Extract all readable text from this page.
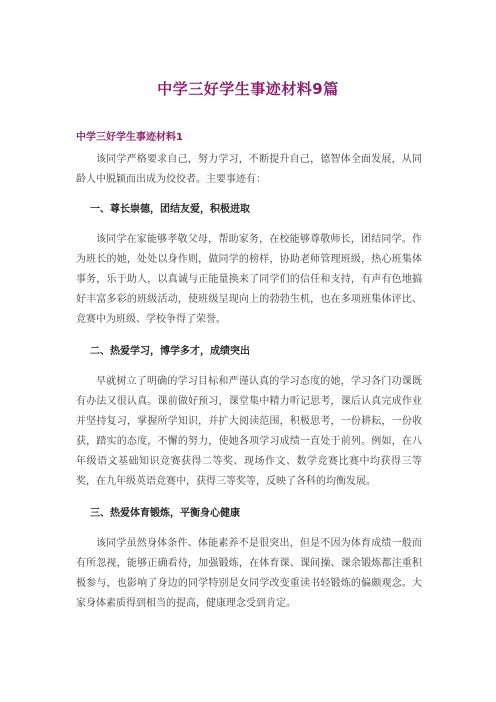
中学三好学生事迹材料9篇
中学三好学生事迹材料1

该同学严格要求自己，努力学习，不断提升自己，德智体全面发展，从同龄人中脱颖而出成为佼佼者。主要事迹有：

一、尊长崇德，团结友爱，积极进取

该同学在家能够孝敬父母，帮助家务，在校能够尊敬师长，团结同学。作为班长的她，处处以身作则，做同学的榜样，协助老师管理班级，热心班集体事务，乐于助人，以真诚与正能量换来了同学们的信任和支持，有声有色地搞好丰富多彩的班级活动，使班级呈现向上的勃勃生机，也在多项班集体评比、竞赛中为班级、学校争得了荣誉。

二、热爱学习，博学多才，成绩突出

早就树立了明确的学习目标和严谨认真的学习态度的她，学习各门功课既有办法又很认真。课前做好预习，课堂集中精力听记思考，课后认真完成作业并坚持复习，掌握所学知识，并扩大阅读范围，积极思考，一份耕耘，一份收获，踏实的态度，不懈的努力，使她各项学习成绩一直处于前列。例如，在八年级语文基础知识竞赛获得二等奖、现场作文、数学竞赛比赛中均获得三等奖，在九年级英语竞赛中，获得三等奖等，反映了各科的均衡发展。

三、热爱体育锻炼，平衡身心健康

该同学虽然身体条件、体能素养不是很突出，但是不因为体育成绩一般而有所忽视，能够正确看待，加强锻炼，在体育课、课间操、课余锻炼都注重积极参与，也影响了身边的同学特别是女同学改变重读书轻锻炼的偏颇观念。大家身体素质得到相当的提高，健康理念受到肯定。
